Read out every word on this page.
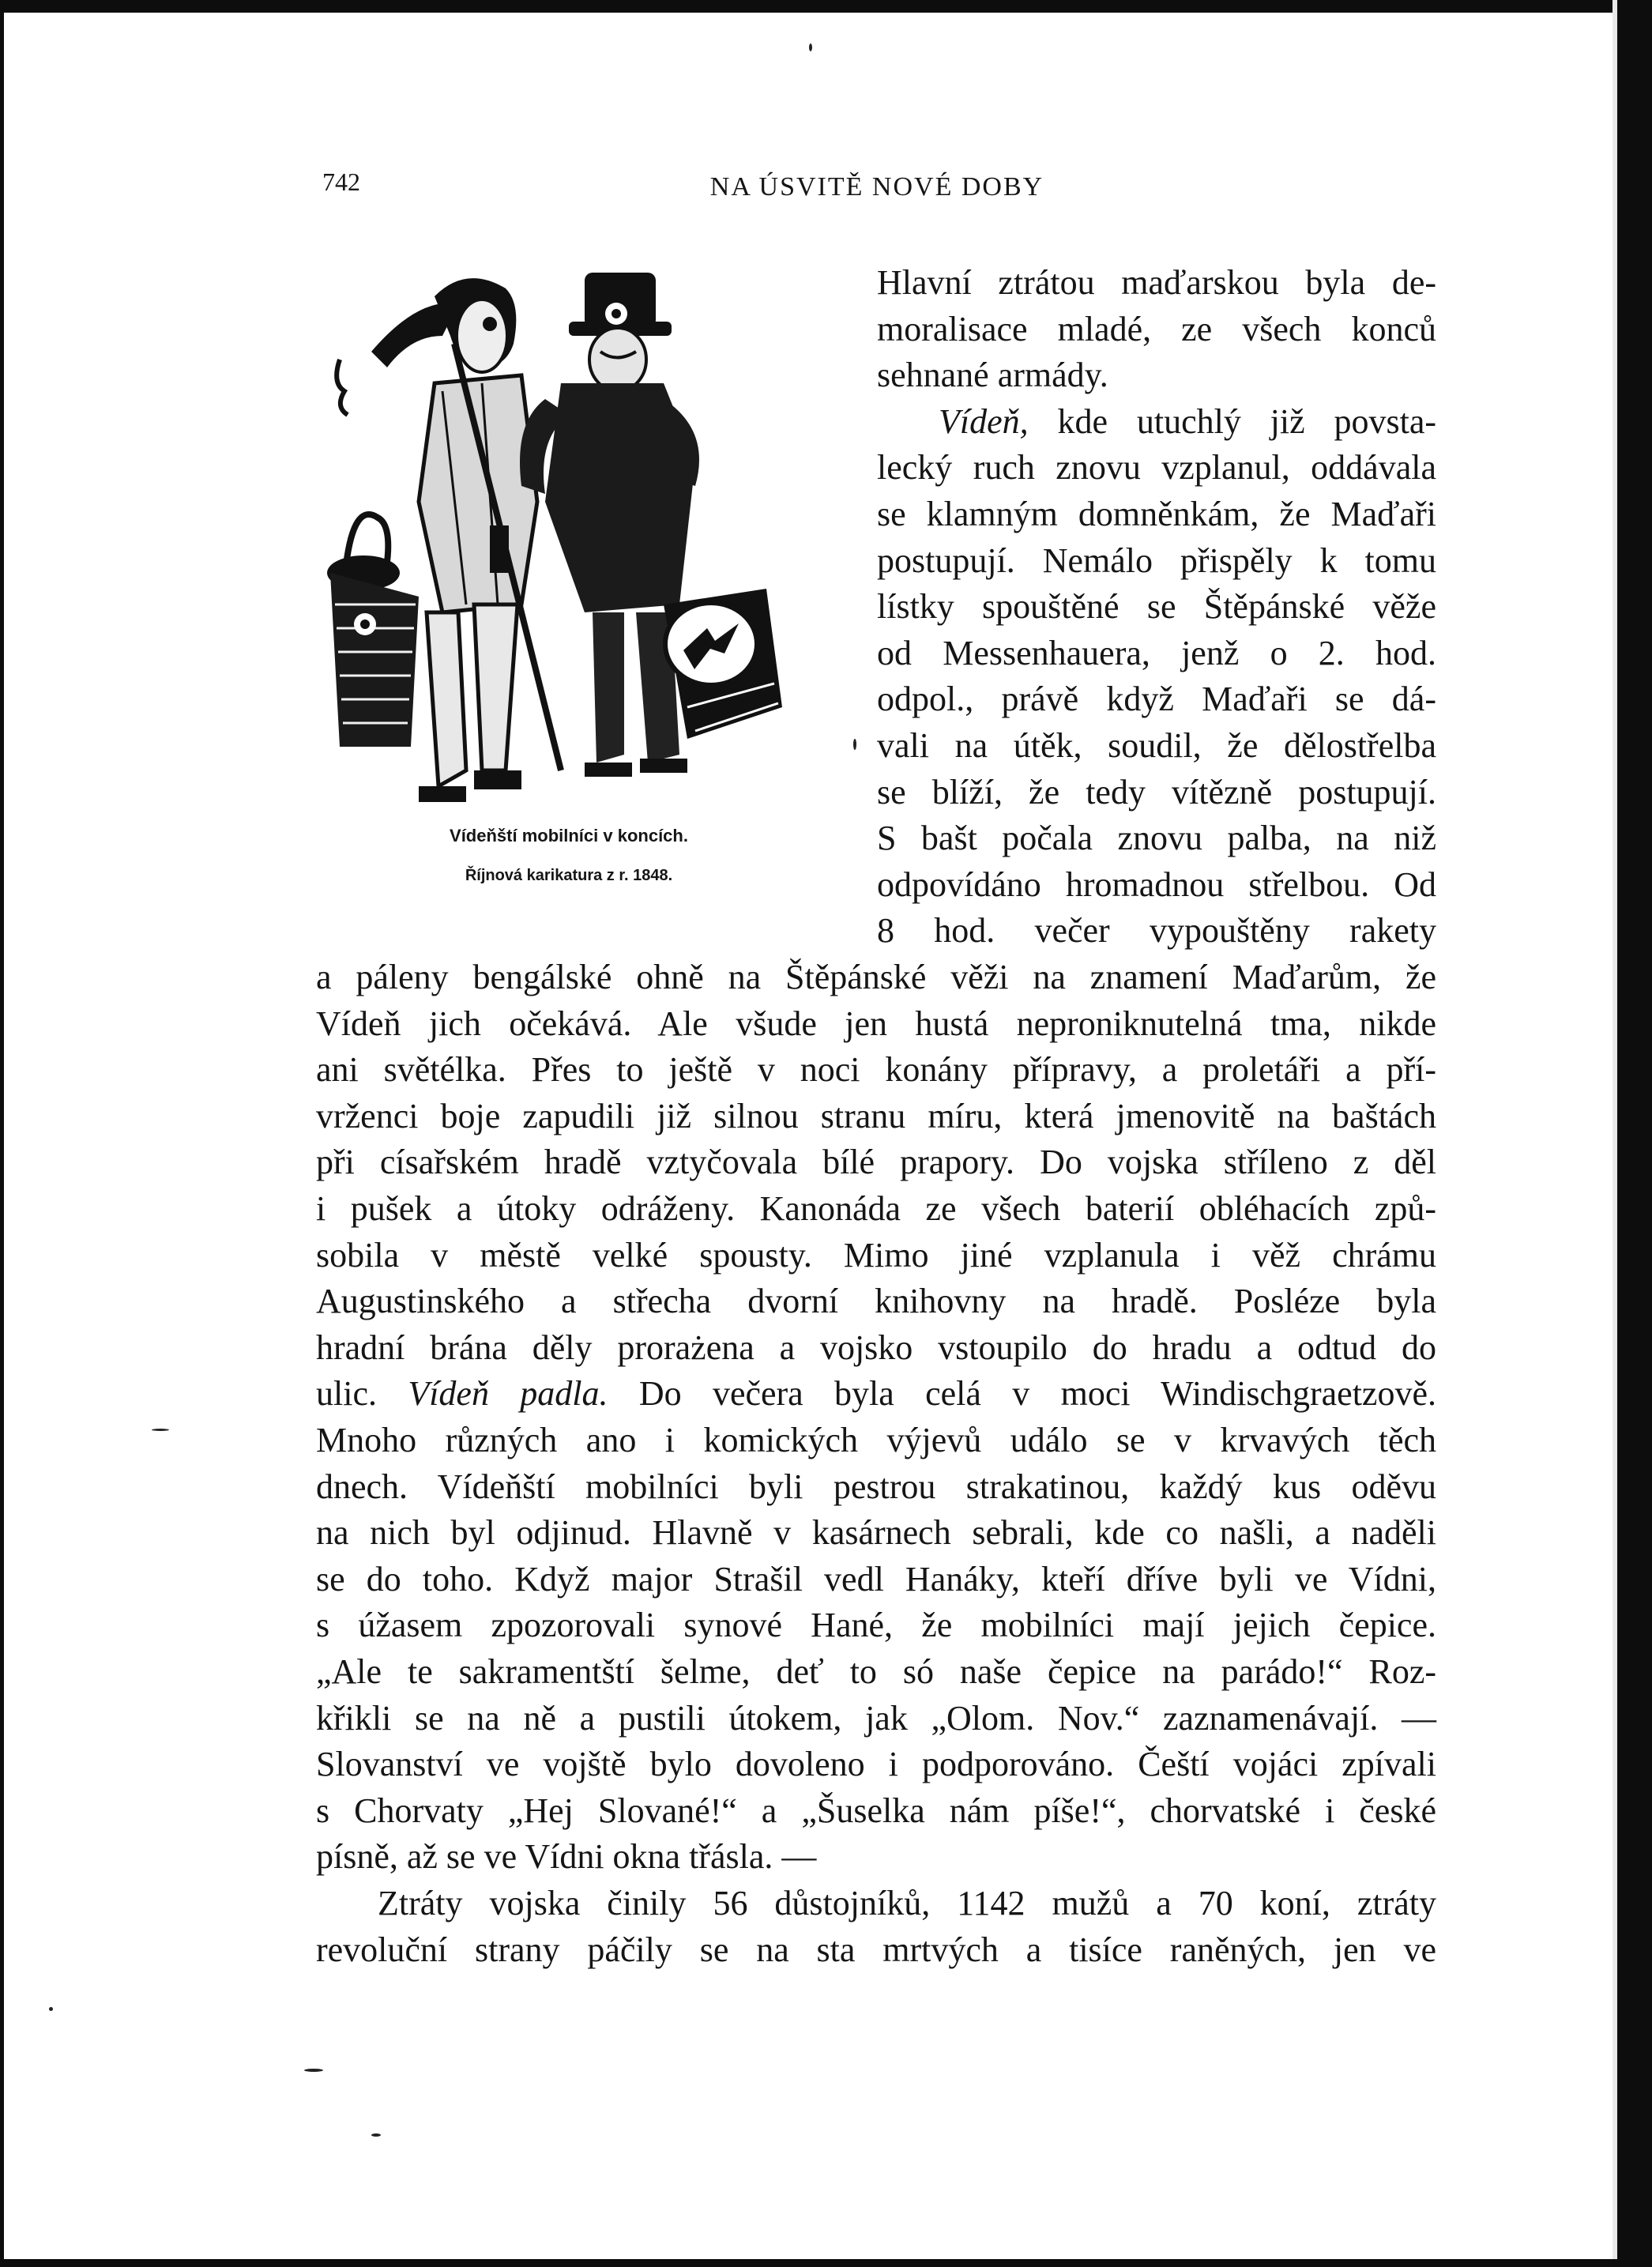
742	NA ÚSVITĚ NOVÉ DOBY
Vídeňští mobilníci v koncích.
Říjnová karikatura z r. 1848.
Hlavní ztrátou maďarskou byla de-
moralisace mladé, ze všech konců
sehnané armády.
Vídeň, kde utuchlý již povsta-
lecký ruch znovu vzplanul, oddávala
se klamným domněnkám, že Maďaři
postupují. Nemálo přispěly k tomu
lístky spouštěné se Štěpánské věže
od Messenhauera, jenž o 2. hod.
odpol., právě když Maďaři se dá-
vali na útěk, soudil, že dělostřelba
se blíží, že tedy vítězně postupují.
S bašt počala znovu palba, na niž
odpovídáno hromadnou střelbou. Od
8 hod. večer vypouštěny rakety
a páleny bengálské ohně na Štěpánské věži na znamení Maďarům, že
Vídeň jich očekává. Ale všude jen hustá neproniknutelná tma, nikde
ani světélka. Přes to ještě v noci konány přípravy, a proletáři a pří-
vrženci boje zapudili již silnou stranu míru, která jmenovitě na baštách
při císařském hradě vztyčovala bílé prapory. Do vojska stříleno z děl
i pušek a útoky odráženy. Kanonáda ze všech baterií obléhacích způ-
sobila v městě velké spousty. Mimo jiné vzplanula i věž chrámu
Augustinského a střecha dvorní knihovny na hradě. Posléze byla
hradní brána děly prorażena a vojsko vstoupilo do hradu a odtud do
ulic. Vídeň padla. Do večera byla celá v moci Windischgraetzově.
Mnoho různých ano i komických výjevů událo se v krvavých těch
dnech. Vídeňští mobilníci byli pestrou strakatinou, každý kus oděvu
na nich byl odjinud. Hlavně v kasárnech sebrali, kde co našli, a naděli
se do toho. Když major Strašil vedl Hanáky, kteří dříve byli ve Vídni,
s úžasem zpozorovali synové Hané, že mobilníci mají jejich čepice.
„Ale te sakramentští šelme, deť to só naše čepice na parádo!“ Roz-
křikli se na ně a pustili útokem, jak „Olom. Nov.“ zaznamenávají. —
Slovanství ve vojště bylo dovoleno i podporováno. Čeští vojáci zpívali
s Chorvaty „Hej Slované!“ a „Šuselka nám píše!“, chorvatské i české
písně, až se ve Vídni okna třásla. —
Ztráty vojska činily 56 důstojníků, 1142 mužů a 70 koní, ztráty
revoluční strany páčily se na sta mrtvých a tisíce raněných, jen ve
